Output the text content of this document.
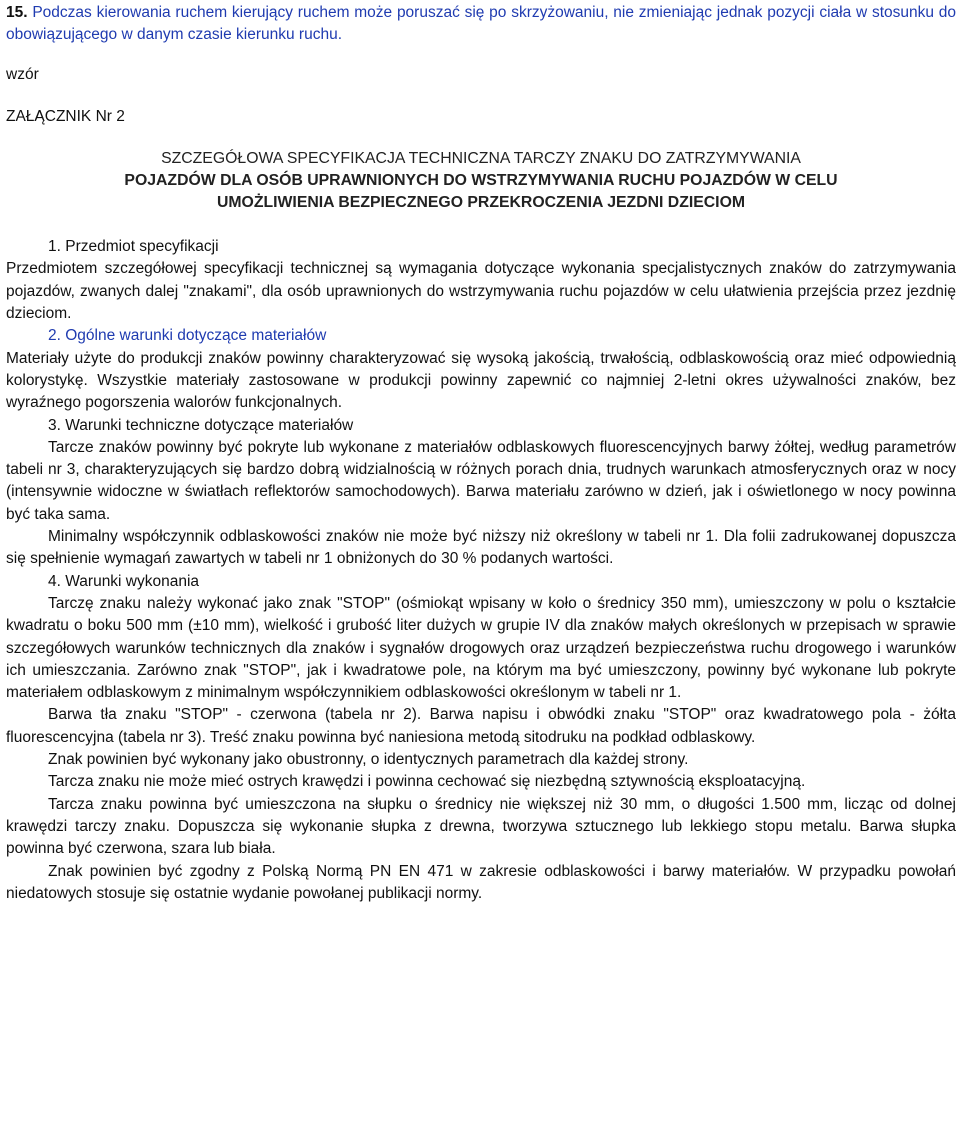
15. Podczas kierowania ruchem kierujący ruchem może poruszać się po skrzyżowaniu, nie zmieniając jednak pozycji ciała w stosunku do obowiązującego w danym czasie kierunku ruchu.

wzór

ZAŁĄCZNIK Nr 2

SZCZEGÓŁOWA SPECYFIKACJA TECHNICZNA TARCZY ZNAKU DO ZATRZYMYWANIA
POJAZDÓW DLA OSÓB UPRAWNIONYCH DO WSTRZYMYWANIA RUCHU POJAZDÓW W CELU
UMOŻLIWIENIA BEZPIECZNEGO PRZEKROCZENIA JEZDNI DZIECIOM

1. Przedmiot specyfikacji

Przedmiotem szczegółowej specyfikacji technicznej są wymagania dotyczące wykonania specjalistycznych znaków do zatrzymywania pojazdów, zwanych dalej "znakami", dla osób uprawnionych do wstrzymywania ruchu pojazdów w celu ułatwienia przejścia przez jezdnię dzieciom.

2. Ogólne warunki dotyczące materiałów

Materiały użyte do produkcji znaków powinny charakteryzować się wysoką jakością, trwałością, odblaskowością oraz mieć odpowiednią kolorystykę. Wszystkie materiały zastosowane w produkcji powinny zapewnić co najmniej 2-letni okres używalności znaków, bez wyraźnego pogorszenia walorów funkcjonalnych.

3. Warunki techniczne dotyczące materiałów

Tarcze znaków powinny być pokryte lub wykonane z materiałów odblaskowych fluorescencyjnych barwy żółtej, według parametrów tabeli nr 3, charakteryzujących się bardzo dobrą widzialnością w różnych porach dnia, trudnych warunkach atmosferycznych oraz w nocy (intensywnie widoczne w światłach reflektorów samochodowych). Barwa materiału zarówno w dzień, jak i oświetlonego w nocy powinna być taka sama.

Minimalny współczynnik odblaskowości znaków nie może być niższy niż określony w tabeli nr 1. Dla folii zadrukowanej dopuszcza się spełnienie wymagań zawartych w tabeli nr 1 obniżonych do 30 % podanych wartości.

4. Warunki wykonania

Tarczę znaku należy wykonać jako znak "STOP" (ośmiokąt wpisany w koło o średnicy 350 mm), umieszczony w polu o kształcie kwadratu o boku 500 mm (±10 mm), wielkość i grubość liter dużych w grupie IV dla znaków małych określonych w przepisach w sprawie szczegółowych warunków technicznych dla znaków i sygnałów drogowych oraz urządzeń bezpieczeństwa ruchu drogowego i warunków ich umieszczania. Zarówno znak "STOP", jak i kwadratowe pole, na którym ma być umieszczony, powinny być wykonane lub pokryte materiałem odblaskowym z minimalnym współczynnikiem odblaskowości określonym w tabeli nr 1.

Barwa tła znaku "STOP" - czerwona (tabela nr 2). Barwa napisu i obwódki znaku "STOP" oraz kwadratowego pola - żółta fluorescencyjna (tabela nr 3). Treść znaku powinna być naniesiona metodą sitodruku na podkład odblaskowy.

Znak powinien być wykonany jako obustronny, o identycznych parametrach dla każdej strony.

Tarcza znaku nie może mieć ostrych krawędzi i powinna cechować się niezbędną sztywnością eksploatacyjną.

Tarcza znaku powinna być umieszczona na słupku o średnicy nie większej niż 30 mm, o długości 1.500 mm, licząc od dolnej krawędzi tarczy znaku. Dopuszcza się wykonanie słupka z drewna, tworzywa sztucznego lub lekkiego stopu metalu. Barwa słupka powinna być czerwona, szara lub biała.

Znak powinien być zgodny z Polską Normą PN EN 471 w zakresie odblaskowości i barwy materiałów. W przypadku powołań niedatowych stosuje się ostatnie wydanie powołanej publikacji normy.
